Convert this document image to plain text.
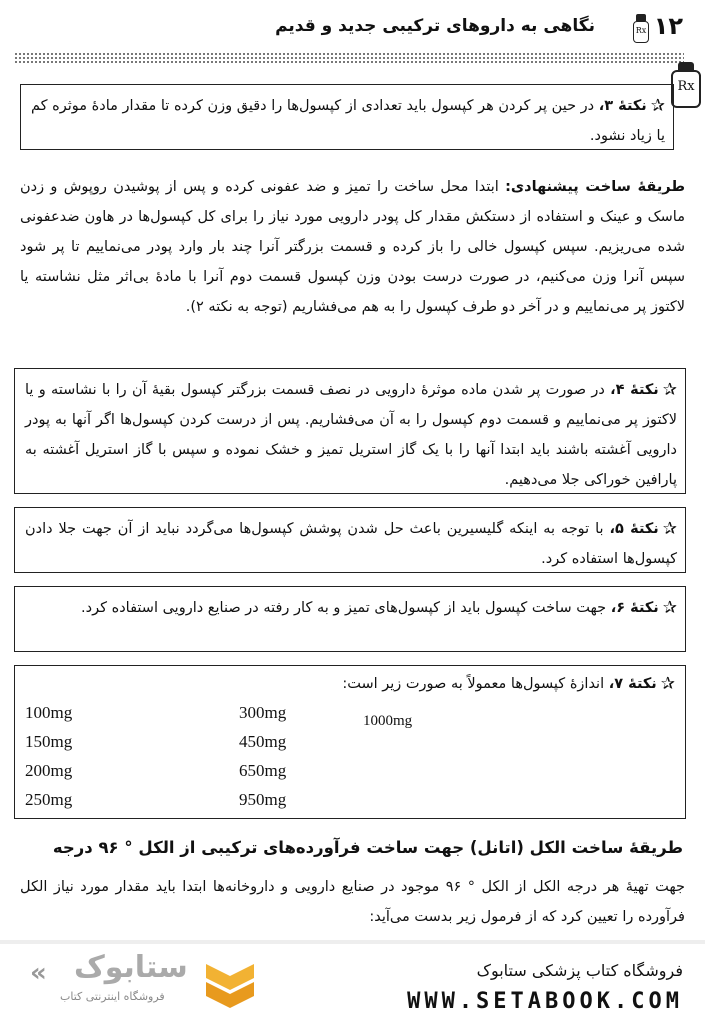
۱۲
Rx
نگاهی به داروهای ترکیبی جدید و قدیم
Rx
✰نکتهٔ ۳، در حین پر کردن هر کپسول باید تعدادی از کپسول‌ها را دقیق وزن کرده تا مقدار مادهٔ موثره کم یا زیاد نشود.
طریقهٔ ساخت پیشنهادی: ابتدا محل ساخت را تمیز و ضد عفونی کرده و پس از پوشیدن روپوش و زدن ماسک و عینک و استفاده از دستکش مقدار کل پودر دارویی مورد نیاز را برای کل کپسول‌ها در هاون ضدعفونی شده می‌ریزیم. سپس کپسول خالی را باز کرده و قسمت بزرگتر آنرا چند بار وارد پودر می‌نماییم تا پر شود سپس آنرا وزن می‌کنیم، در صورت درست بودن وزن کپسول قسمت دوم آنرا با مادهٔ بی‌اثر مثل نشاسته یا لاکتوز پر می‌نماییم و در آخر دو طرف کپسول را به هم می‌فشاریم (توجه به نکته ۲).
✰نکتهٔ ۴، در صورت پر شدن ماده موثرهٔ دارویی در نصف قسمت بزرگتر کپسول بقیهٔ آن را با نشاسته و یا لاکتوز پر می‌نماییم و قسمت دوم کپسول را به آن می‌فشاریم. پس از درست کردن کپسول‌ها اگر آنها به پودر دارویی آغشته باشند باید ابتدا آنها را با یک گاز استریل تمیز و خشک نموده و سپس با گاز استریل آغشته به پارافین خوراکی جلا می‌دهیم.
✰نکتهٔ ۵، با توجه به اینکه گلیسیرین باعث حل شدن پوشش کپسول‌ها می‌گردد نباید از آن جهت جلا دادن کپسول‌ها استفاده کرد.
✰نکتهٔ ۶، جهت ساخت کپسول باید از کپسول‌های تمیز و به کار رفته در صنایع دارویی استفاده کرد.
✰نکتهٔ ۷، اندازهٔ کپسول‌ها معمولاً به صورت زیر است:
100mg
150mg
200mg
250mg
300mg
450mg
650mg
950mg
1000mg
طریقهٔ ساخت الکل (اتانل) جهت ساخت فرآورده‌های ترکیبی از الکل ° ۹۶ درجه
جهت تهیهٔ هر درجه الکل از الکل ° ۹۶ موجود در صنایع دارویی و داروخانه‌ها ابتدا باید مقدار مورد نیاز الکل فرآورده را تعیین کرد که از فرمول زیر بدست می‌آید:
فروشگاه کتاب پزشکی ستابوک
WWW.SETABOOK.COM
« ستابوک
فروشگاه اینترنتی کتاب
